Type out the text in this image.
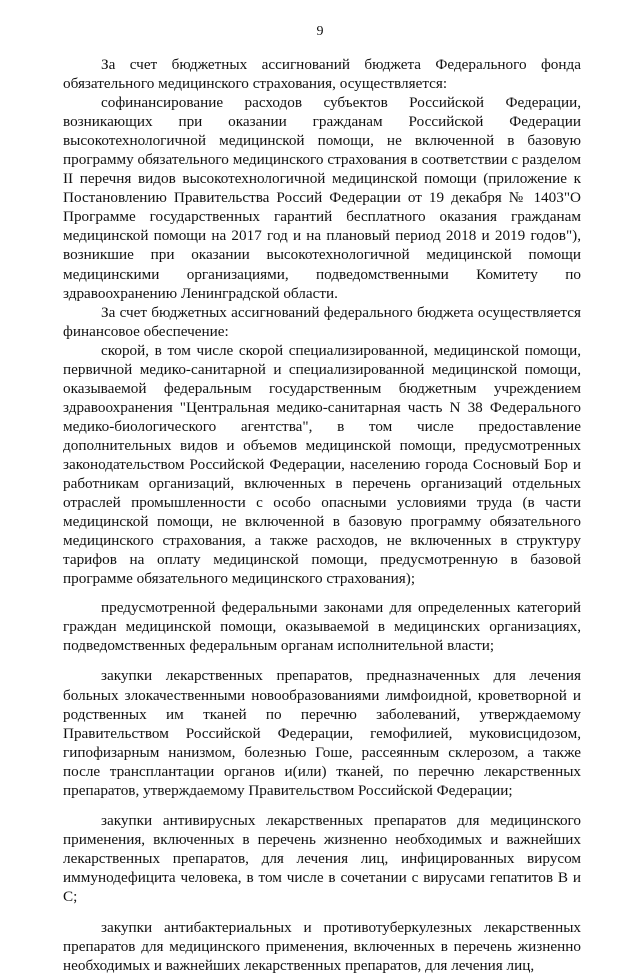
9

За счет бюджетных ассигнований бюджета Федерального фонда обязательного медицинского страхования, осуществляется:

софинансирование расходов субъектов Российской Федерации, возникающих при оказании гражданам Российской Федерации высокотехнологичной медицинской помощи, не включенной в базовую программу обязательного медицинского страхования в соответствии с разделом II перечня видов высокотехнологичной медицинской помощи (приложение к Постановлению Правительства Россий Федерации от 19 декабря № 1403"О Программе государственных гарантий бесплатного оказания гражданам медицинской помощи на 2017 год и на плановый период 2018 и 2019 годов"), возникшие при оказании высокотехнологичной медицинской помощи медицинскими организациями, подведомственными Комитету по здравоохранению Ленинградской области.

За счет бюджетных ассигнований федерального бюджета осуществляется финансовое обеспечение:

скорой, в том числе скорой специализированной, медицинской помощи, первичной медико-санитарной и специализированной медицинской помощи, оказываемой федеральным государственным бюджетным учреждением здравоохранения "Центральная медико-санитарная часть N 38 Федерального медико-биологического агентства", в том числе предоставление дополнительных видов и объемов медицинской помощи, предусмотренных законодательством Российской Федерации, населению города Сосновый Бор и работникам организаций, включенных в перечень организаций отдельных отраслей промышленности с особо опасными условиями труда (в части медицинской помощи, не включенной в базовую программу обязательного медицинского страхования, а также расходов, не включенных в структуру тарифов на оплату медицинской помощи, предусмотренную в базовой программе обязательного медицинского страхования);

предусмотренной федеральными законами для определенных категорий граждан медицинской помощи, оказываемой в медицинских организациях, подведомственных федеральным органам исполнительной власти;

закупки лекарственных препаратов, предназначенных для лечения больных злокачественными новообразованиями лимфоидной, кроветворной и родственных им тканей по перечню заболеваний, утверждаемому Правительством Российской Федерации, гемофилией, муковисцидозом, гипофизарным нанизмом, болезнью Гоше, рассеянным склерозом, а также после трансплантации органов и(или) тканей, по перечню лекарственных препаратов, утверждаемому Правительством Российской Федерации;

закупки антивирусных лекарственных препаратов для медицинского применения, включенных в перечень жизненно необходимых и важнейших лекарственных препаратов, для лечения лиц, инфицированных вирусом иммунодефицита человека, в том числе в сочетании с вирусами гепатитов B и C;

закупки антибактериальных и противотуберкулезных лекарственных препаратов для медицинского применения, включенных в перечень жизненно необходимых и важнейших лекарственных препаратов, для лечения лиц,
